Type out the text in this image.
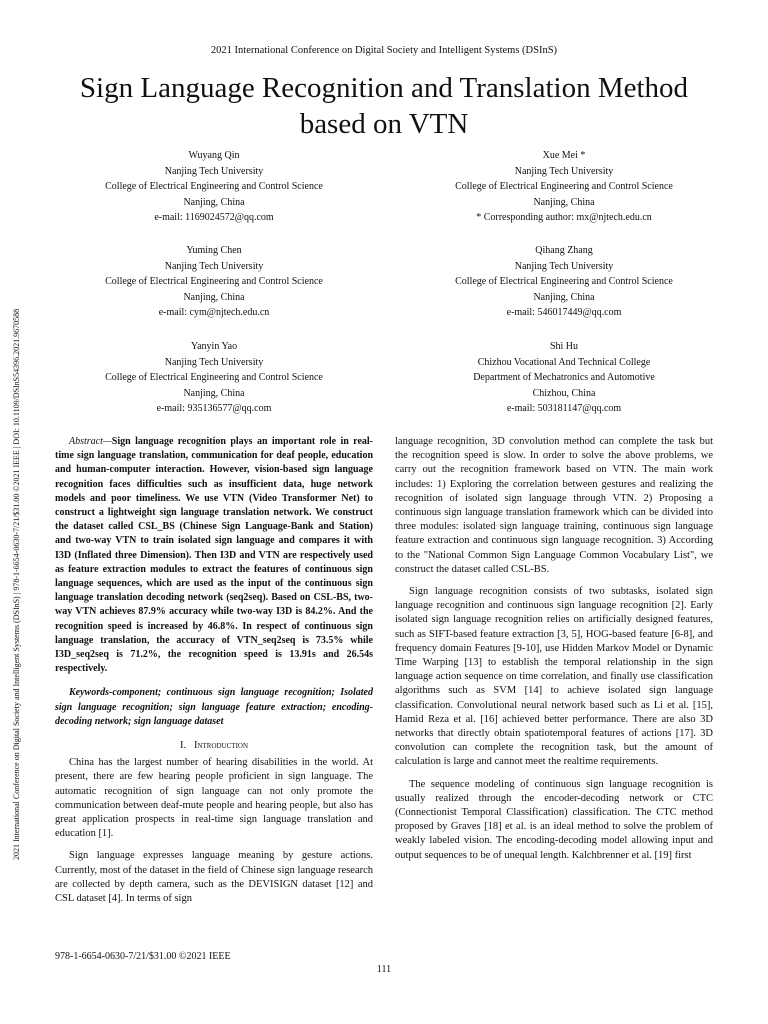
2021 International Conference on Digital Society and Intelligent Systems (DSInS)
Sign Language Recognition and Translation Method
based on VTN
2021 International Conference on Digital Society and Intelligent Systems (DSInS) | 978-1-6654-0630-7/21/$31.00 ©2021 IEEE | DOI: 10.1109/DSInS54396.2021.9670588
Wuyang Qin
Nanjing Tech University
College of Electrical Engineering and Control Science
Nanjing, China
e-mail: 1169024572@qq.com
Xue Mei *
Nanjing Tech University
College of Electrical Engineering and Control Science
Nanjing, China
* Corresponding author: mx@njtech.edu.cn
Yuming Chen
Nanjing Tech University
College of Electrical Engineering and Control Science
Nanjing, China
e-mail: cym@njtech.edu.cn
Qihang Zhang
Nanjing Tech University
College of Electrical Engineering and Control Science
Nanjing, China
e-mail: 546017449@qq.com
Yanyin Yao
Nanjing Tech University
College of Electrical Engineering and Control Science
Nanjing, China
e-mail: 935136577@qq.com
Shi Hu
Chizhou Vocational And Technical College
Department of Mechatronics and Automotive
Chizhou, China
e-mail: 503181147@qq.com

Abstract—Sign language recognition plays an important role in real-time sign language translation, communication for deaf people, education and human-computer interaction. However, vision-based sign language recognition faces difficulties such as insufficient data, huge network models and poor timeliness. We use VTN (Video Transformer Net) to construct a lightweight sign language translation network. We construct the dataset called CSL_BS (Chinese Sign Language-Bank and Station) and two-way VTN to train isolated sign language and compares it with I3D (Inflated three Dimension). Then I3D and VTN are respectively used as feature extraction modules to extract the features of continuous sign language sequences, which are used as the input of the continuous sign language translation decoding network (seq2seq). Based on CSL-BS, two-way VTN achieves 87.9% accuracy while two-way I3D is 84.2%. And the recognition speed is increased by 46.8%. In respect of continuous sign language translation, the accuracy of VTN_seq2seq is 73.5% while I3D_seq2seq is 71.2%, the recognition speed is 13.91s and 26.54s respectively.

Keywords-component; continuous sign language recognition; Isolated sign language recognition; sign language feature extraction; encoding-decoding network; sign language dataset

I. Introduction

China has the largest number of hearing disabilities in the world. At present, there are few hearing people proficient in sign language. The automatic recognition of sign language can not only promote the communication between deaf-mute people and hearing people, but also has great application prospects in real-time sign language translation and education [1].

Sign language expresses language meaning by gesture actions. Currently, most of the dataset in the field of Chinese sign language research are collected by depth camera, such as the DEVISIGN dataset [12] and CSL dataset [4]. In terms of sign

language recognition, 3D convolution method can complete the task but the recognition speed is slow. In order to solve the above problems, we carry out the recognition framework based on VTN. The main work includes: 1) Exploring the correlation between gestures and realizing the recognition of isolated sign language through VTN. 2) Proposing a continuous sign language translation framework which can be divided into three modules: isolated sign language training, continuous sign language feature extraction and continuous sign language recognition. 3) According to the "National Common Sign Language Common Vocabulary List", we construct the dataset called CSL-BS.

Sign language recognition consists of two subtasks, isolated sign language recognition and continuous sign language recognition [2]. Early isolated sign language recognition relies on artificially designed features, such as SIFT-based feature extraction [3, 5], HOG-based feature [6-8], and frequency domain Features [9-10], use Hidden Markov Model or Dynamic Time Warping [13] to establish the temporal relationship in the sign language action sequence on time correlation, and finally use classification algorithms such as SVM [14] to achieve isolated sign language classification. Convolutional neural network based such as Li et al. [15], Hamid Reza et al. [16] achieved better performance. There are also 3D networks that directly obtain spatiotemporal features of actions [17]. 3D convolution can complete the recognition task, but the amount of calculation is large and cannot meet the realtime requirements.

The sequence modeling of continuous sign language recognition is usually realized through the encoder-decoding network or CTC (Connectionist Temporal Classification) classification. The CTC method proposed by Graves [18] et al. is an ideal method to solve the problem of weakly labeled vision. The encoding-decoding model allowing input and output sequences to be of unequal length. Kalchbrenner et al. [19] first

978-1-6654-0630-7/21/$31.00 ©2021 IEEE
111
